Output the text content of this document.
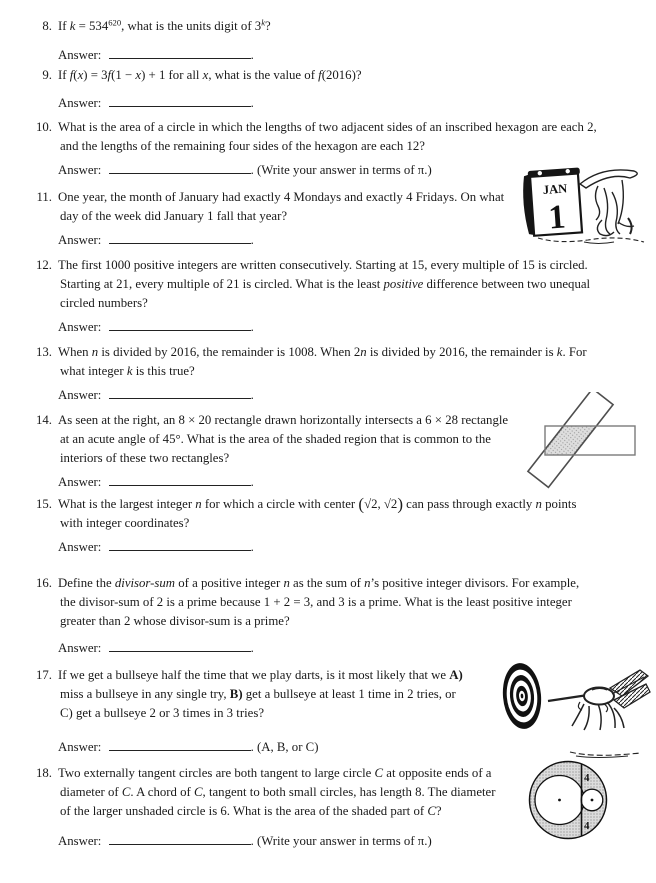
8. If $k = 534^{620}$, what is the units digit of 3$^k$?
Answer:	.
9. If f(x) = 3f(1 − x) + 1 for all x, what is the value of f(2016)?
Answer:	.
10. What is the area of a circle in which the lengths of two adjacent sides of an inscribed hexagon are each 2,
and the lengths of the remaining four sides of the hexagon are each 12?
Answer:	. (Write your answer in terms of π.)
11. One year, the month of January had exactly 4 Mondays and exactly 4 Fridays. On what
day of the week did January 1 fall that year?
Answer:	.
12. The first 1000 positive integers are written consecutively. Starting at 15, every multiple of 15 is circled.
Starting at 21, every multiple of 21 is circled. What is the least positive difference between two unequal
circled numbers?
Answer:	.
13. When n is divided by 2016, the remainder is 1008. When 2n is divided by 2016, the remainder is k. For
what integer k is this true?
Answer:	.
14. As seen at the right, an 8 × 20 rectangle drawn horizontally intersects a 6 × 28 rectangle
at an acute angle of 45°. What is the area of the shaded region that is common to the
interiors of these two rectangles?
Answer:	.
15. What is the largest integer n for which a circle with center (√2, √2) can pass through exactly n points
with integer coordinates?
Answer:	.
16. Define the divisor-sum of a positive integer n as the sum of n’s positive integer divisors. For example,
the divisor-sum of 2 is a prime because 1 + 2 = 3, and 3 is a prime. What is the least positive integer
greater than 2 whose divisor-sum is a prime?
Answer:	.
17. If we get a bullseye half the time that we play darts, is it most likely that we A)
miss a bullseye in any single try, B) get a bullseye at least 1 time in 2 tries, or
C) get a bullseye 2 or 3 times in 3 tries?
Answer:	. (A, B, or C)
18. Two externally tangent circles are both tangent to large circle C at opposite ends of a
diameter of C. A chord of C, tangent to both small circles, has length 8. The diameter
of the larger unshaded circle is 6. What is the area of the shaded part of C?
Answer:	. (Write your answer in terms of π.)
JAN
1
4
4
